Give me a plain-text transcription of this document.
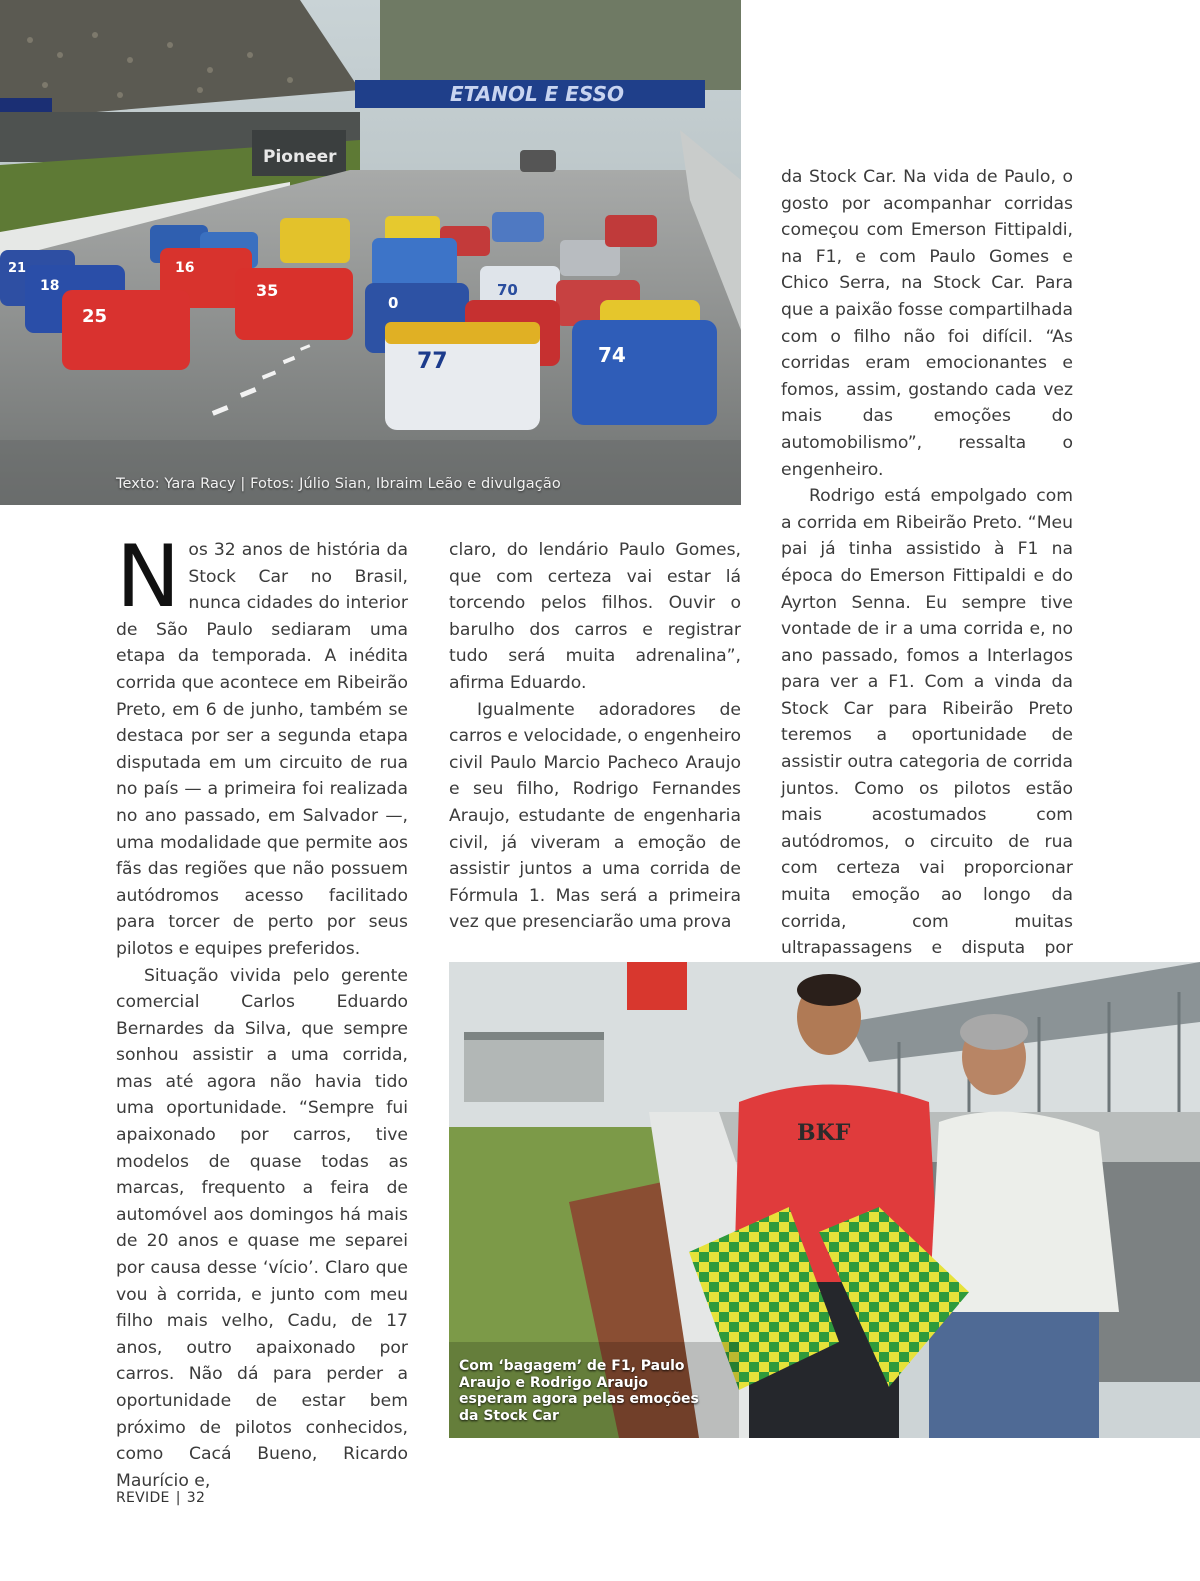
ETANOL E ESSO
Pioneer
25
18
21	16
35
0
77
70
74
Texto: Yara Racy | Fotos: Júlio Sian, Ibraim Leão e divulgação

Nos 32 anos de história da Stock Car no Brasil, nunca cidades do interior de São Paulo sediaram uma etapa da temporada. A inédita corrida que acontece em Ribeirão Preto, em 6 de junho, também se destaca por ser a segunda etapa disputada em um circuito de rua no país — a primeira foi realizada no ano passado, em Salvador —, uma modalidade que permite aos fãs das regiões que não possuem autódromos acesso facilitado para torcer de perto por seus pilotos e equipes preferidos.

Situação vivida pelo gerente comercial Carlos Eduardo Bernardes da Silva, que sempre sonhou assistir a uma corrida, mas até agora não havia tido uma oportunidade. “Sempre fui apaixonado por carros, tive modelos de quase todas as marcas, frequento a feira de automóvel aos domingos há mais de 20 anos e quase me separei por causa desse ‘vício’. Claro que vou à corrida, e junto com meu filho mais velho, Cadu, de 17 anos, outro apaixonado por carros. Não dá para perder a oportunidade de estar bem próximo de pilotos conhecidos, como Cacá Bueno, Ricardo Maurício e,

claro, do lendário Paulo Gomes, que com certeza vai estar lá torcendo pelos filhos. Ouvir o barulho dos carros e registrar tudo será muita adrenalina”, afirma Eduardo.

Igualmente adoradores de carros e velocidade, o engenheiro civil Paulo Marcio Pacheco Araujo e seu filho, Rodrigo Fernandes Araujo, estudante de engenharia civil, já viveram a emoção de assistir juntos a uma corrida de Fórmula 1. Mas será a primeira vez que presenciarão uma prova

da Stock Car. Na vida de Paulo, o gosto por acompanhar corridas começou com Emerson Fittipaldi, na F1, e com Paulo Gomes e Chico Serra, na Stock Car. Para que a paixão fosse compartilhada com o filho não foi difícil. “As corridas eram emocionantes e fomos, assim, gostando cada vez mais das emoções do automobilismo”, ressalta o engenheiro.

Rodrigo está empolgado com a corrida em Ribeirão Preto. “Meu pai já tinha assistido à F1 na época do Emerson Fittipaldi e do Ayrton Senna. Eu sempre tive vontade de ir a uma corrida e, no ano passado, fomos a Interlagos para ver a F1. Com a vinda da Stock Car para Ribeirão Preto teremos a oportunidade de assistir outra categoria de corrida juntos. Como os pilotos estão mais acostumados com autódromos, o circuito de rua com certeza vai proporcionar muita emoção ao longo da corrida, com muitas ultrapassagens e disputa por

BKF
Com ‘bagagem’ de F1, Paulo Araujo e Rodrigo Araujo esperam agora pelas emoções da Stock Car
REVIDE | 32
